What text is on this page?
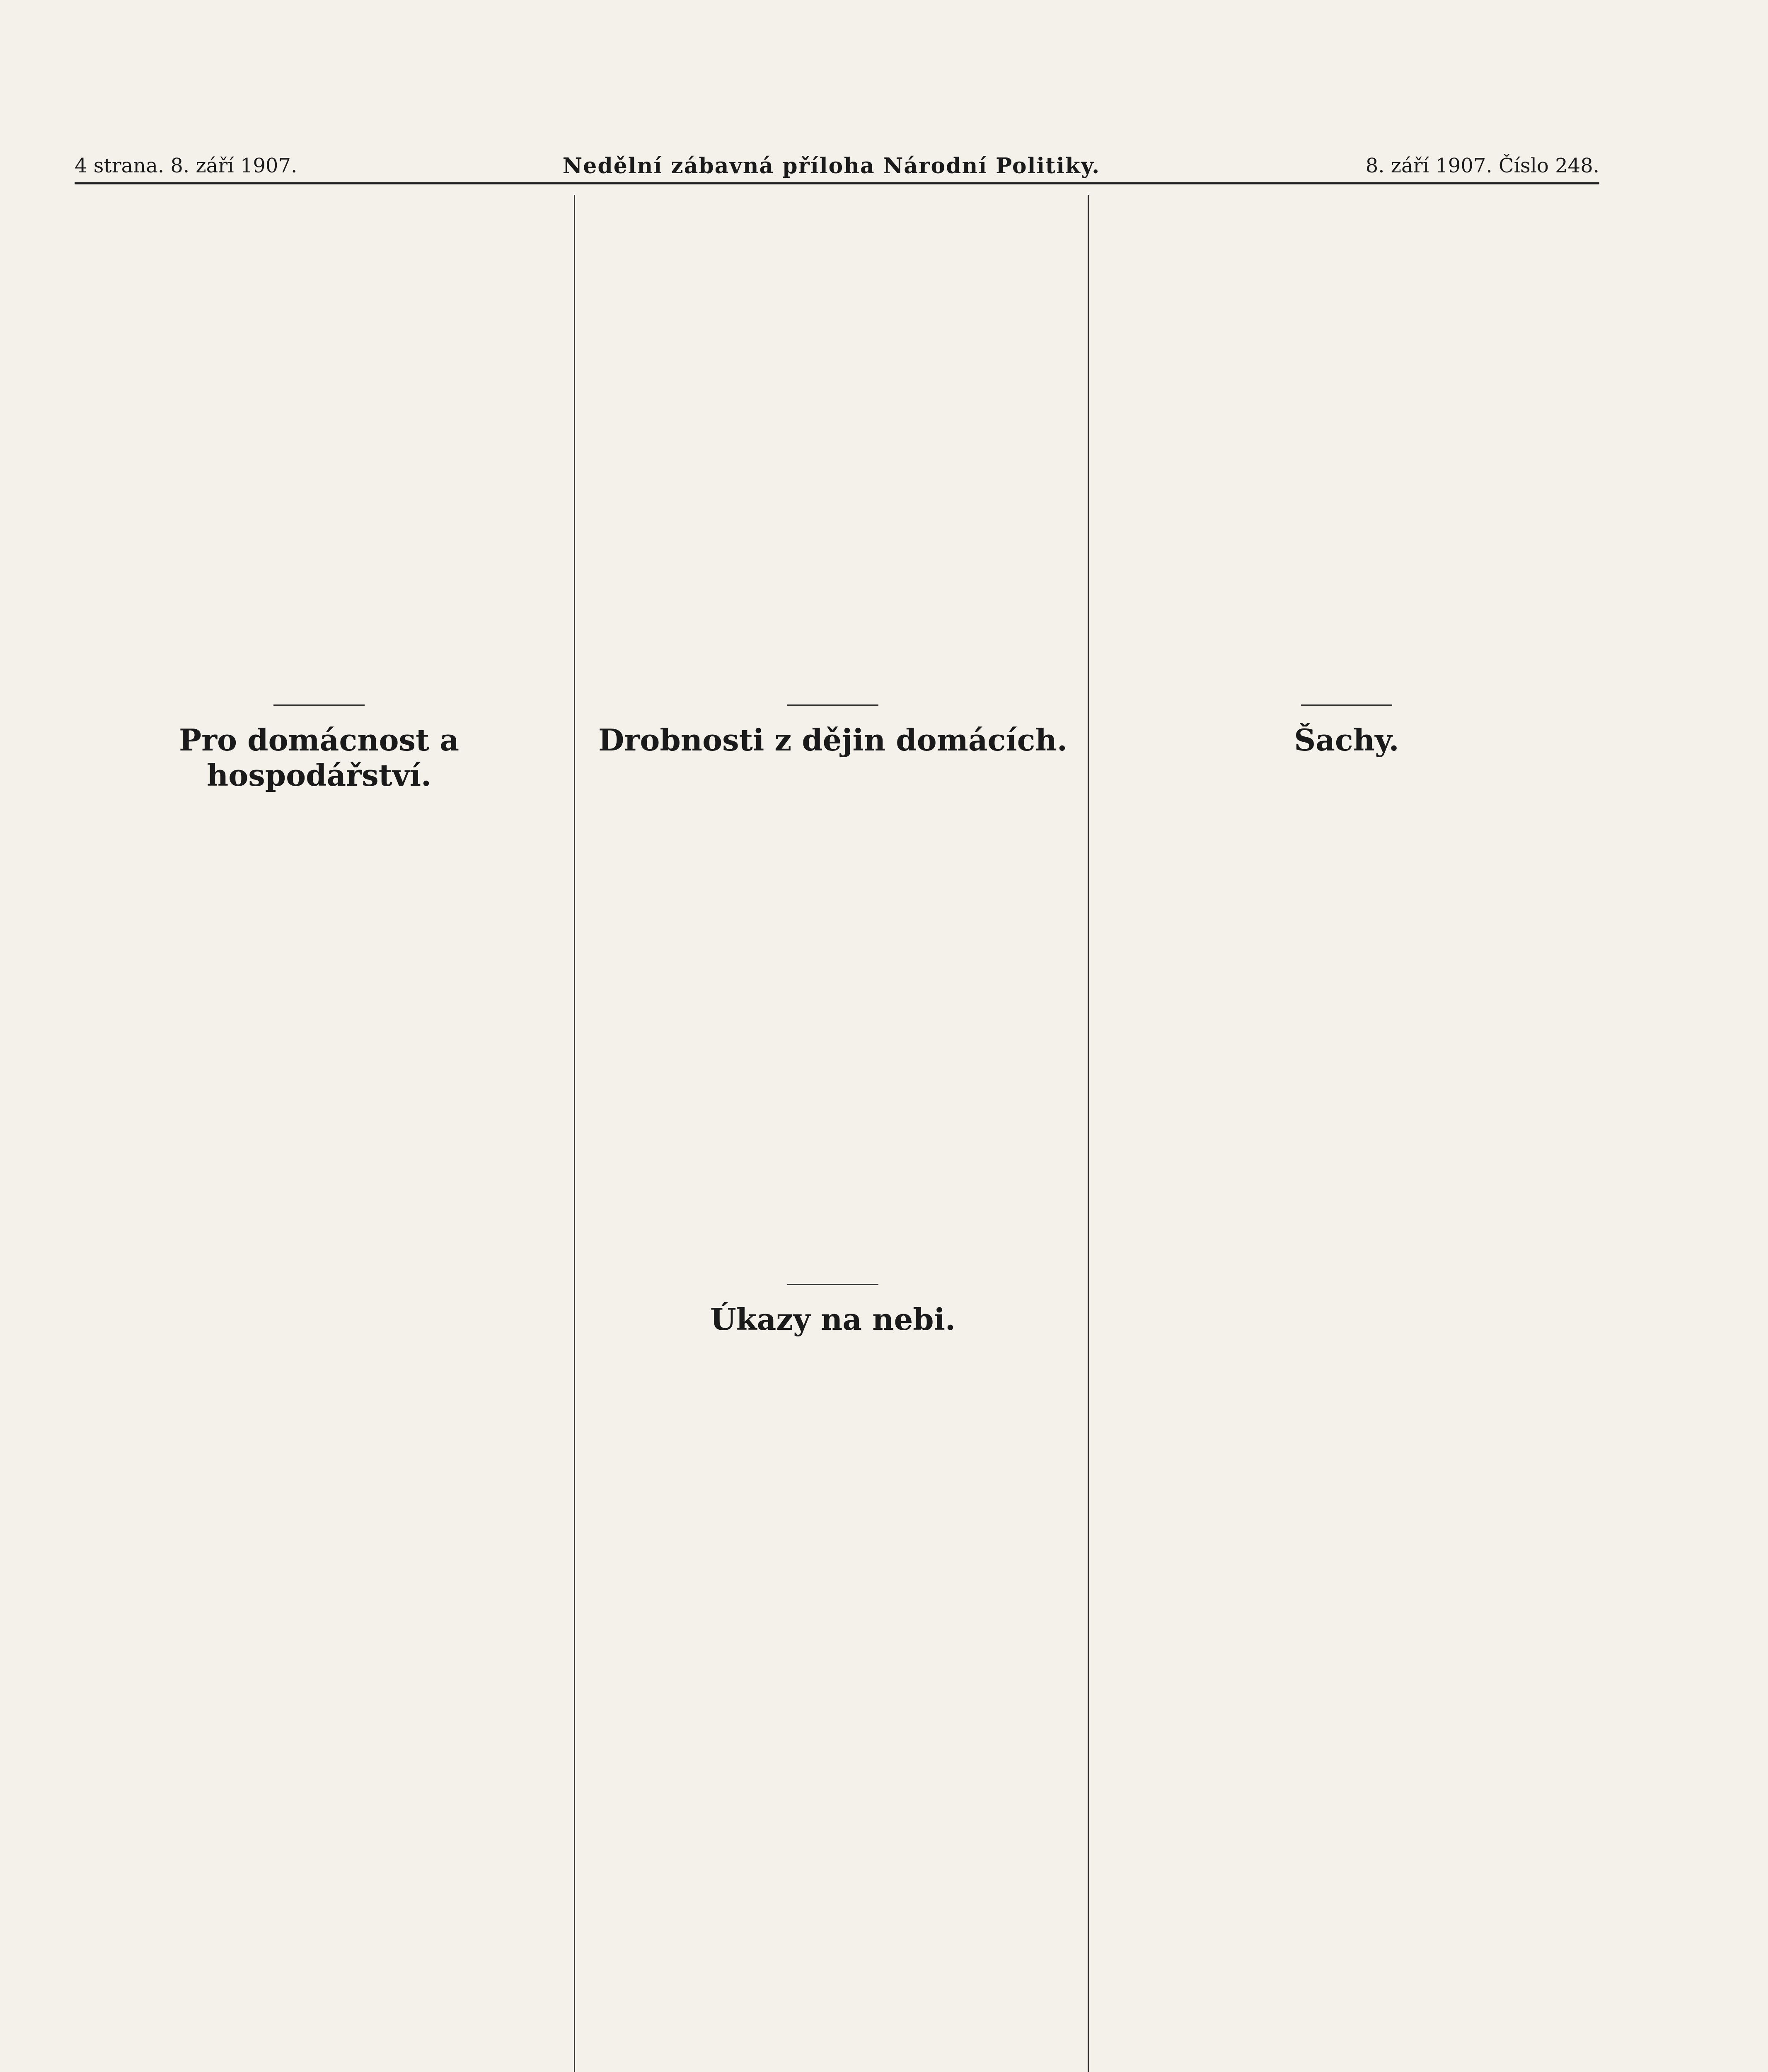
4 strana. 8. září 1907.	Nedělní zábavná příloha Národní Politiky.	8. září 1907. Číslo 248.
Pro domácnost a hospodářství.
Drobnosti z dějin domácích.
Úkazy na nebi.
Šachy.
